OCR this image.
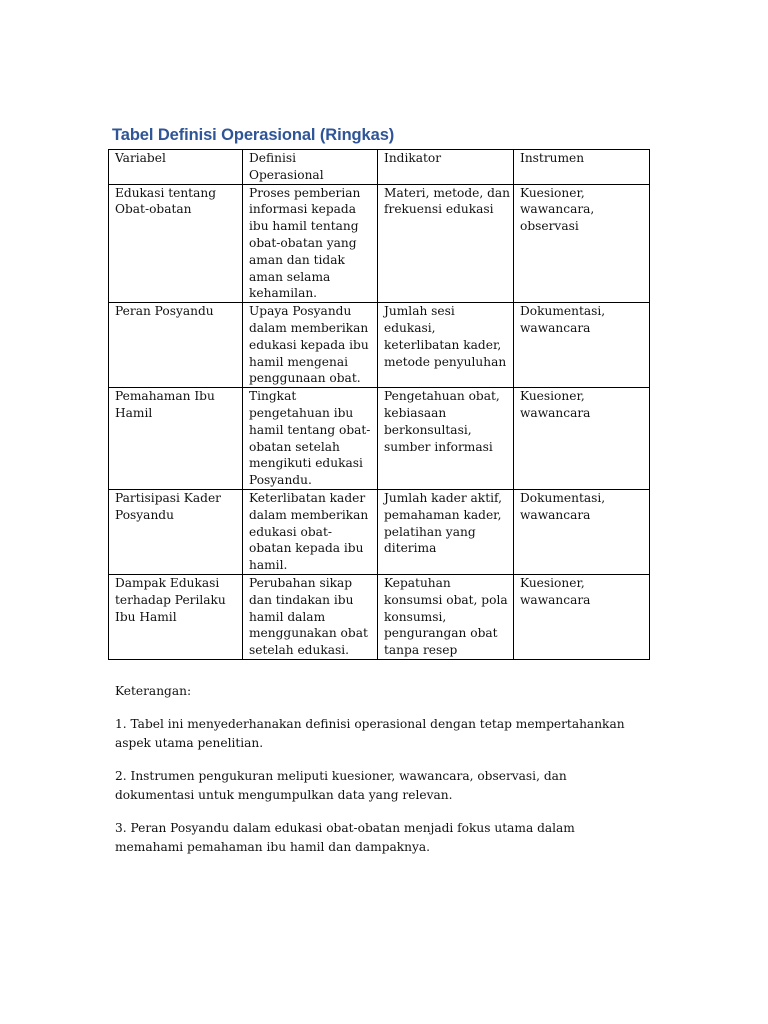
Tabel Definisi Operasional (Ringkas)
Variabel	Definisi Operasional	Indikator	Instrumen
Edukasi tentang Obat-obatan	Proses pemberian informasi kepada ibu hamil tentang obat-obatan yang aman dan tidak aman selama kehamilan.	Materi, metode, dan frekuensi edukasi	Kuesioner, wawancara, observasi
Peran Posyandu	Upaya Posyandu dalam memberikan edukasi kepada ibu hamil mengenai penggunaan obat.	Jumlah sesi edukasi, keterlibatan kader, metode penyuluhan	Dokumentasi, wawancara
Pemahaman Ibu Hamil	Tingkat pengetahuan ibu hamil tentang obat-obatan setelah mengikuti edukasi Posyandu.	Pengetahuan obat, kebiasaan berkonsultasi, sumber informasi	Kuesioner, wawancara
Partisipasi Kader Posyandu	Keterlibatan kader dalam memberikan edukasi obat-obatan kepada ibu hamil.	Jumlah kader aktif, pemahaman kader, pelatihan yang diterima	Dokumentasi, wawancara
Dampak Edukasi terhadap Perilaku Ibu Hamil	Perubahan sikap dan tindakan ibu hamil dalam menggunakan obat setelah edukasi.	Kepatuhan konsumsi obat, pola konsumsi, pengurangan obat tanpa resep	Kuesioner, wawancara

Keterangan:

1. Tabel ini menyederhanakan definisi operasional dengan tetap mempertahankan aspek utama penelitian.

2. Instrumen pengukuran meliputi kuesioner, wawancara, observasi, dan dokumentasi untuk mengumpulkan data yang relevan.

3. Peran Posyandu dalam edukasi obat-obatan menjadi fokus utama dalam memahami pemahaman ibu hamil dan dampaknya.
